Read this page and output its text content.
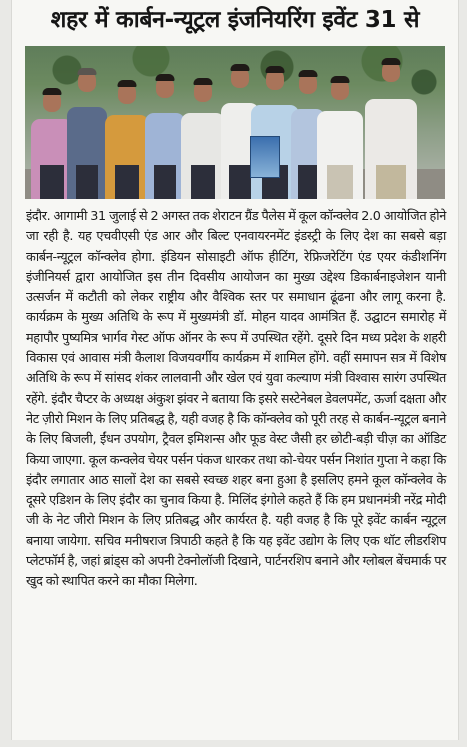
शहर में कार्बन-न्यूट्रल इंजनियरिंग इवेंट 31 से

इंदौर. आगामी 31 जुलाई से 2 अगस्त तक शेराटन ग्रैंड पैलेस में कूल कॉन्क्लेव 2.0 आयोजित होने जा रही है. यह एचवीएसी एंड आर और बिल्ट एनवायरनमेंट इंडस्ट्री के लिए देश का सबसे बड़ा कार्बन-न्यूट्रल कॉन्क्लेव होगा. इंडियन सोसाइटी ऑफ हीटिंग, रेफ्रिजरेटिंग एंड एयर कंडीशनिंग इंजीनियर्स द्वारा आयोजित इस तीन दिवसीय आयोजन का मुख्य उद्देश्य डिकार्बनाइजेशन यानी उत्सर्जन में कटौती को लेकर राष्ट्रीय और वैश्विक स्तर पर समाधान ढूंढना और लागू करना है. कार्यक्रम के मुख्य अतिथि के रूप में मुख्यमंत्री डॉ. मोहन यादव आमंत्रित हैं. उद्घाटन समारोह में महापौर पुष्यमित्र भार्गव गेस्ट ऑफ ऑनर के रूप में उपस्थित रहेंगे. दूसरे दिन मध्य प्रदेश के शहरी विकास एवं आवास मंत्री कैलाश विजयवर्गीय कार्यक्रम में शामिल होंगे. वहीं समापन सत्र में विशेष अतिथि के रूप में सांसद शंकर लालवानी और खेल एवं युवा कल्याण मंत्री विश्वास सारंग उपस्थित रहेंगे. इंदौर चैप्टर के अध्यक्ष अंकुश झंवर ने बताया कि इसरे सस्टेनेबल डेवलपमेंट, ऊर्जा दक्षता और नेट ज़ीरो मिशन के लिए प्रतिबद्ध है, यही वजह है कि कॉन्क्लेव को पूरी तरह से कार्बन-न्यूट्रल बनाने के लिए बिजली, ईंधन उपयोग, ट्रैवल इमिशन्स और फूड वेस्ट जैसी हर छोटी-बड़ी चीज़ का ऑडिट किया जाएगा. कूल कन्क्लेव चेयर पर्सन पंकज धारकर तथा को-चेयर पर्सन निशांत गुप्ता ने कहा कि इंदौर लगातार आठ सालों देश का सबसे स्वच्छ शहर बना हुआ है इसलिए हमने कूल कॉन्क्लेव के दूसरे एडिशन के लिए इंदौर का चुनाव किया है. मिलिंद इंगोले कहते हैं कि हम प्रधानमंत्री नरेंद्र मोदी जी के नेट जीरो मिशन के लिए प्रतिबद्ध और कार्यरत है. यही वजह है कि पूरे इवेंट कार्बन न्यूट्रल बनाया जायेगा. सचिव मनीषराज त्रिपाठी कहते है कि यह इवेंट उद्योग के लिए एक थॉट लीडरशिप प्लेटफॉर्म है, जहां ब्रांड्स को अपनी टेक्नोलॉजी दिखाने, पार्टनरशिप बनाने और ग्लोबल बेंचमार्क पर खुद को स्थापित करने का मौका मिलेगा.
